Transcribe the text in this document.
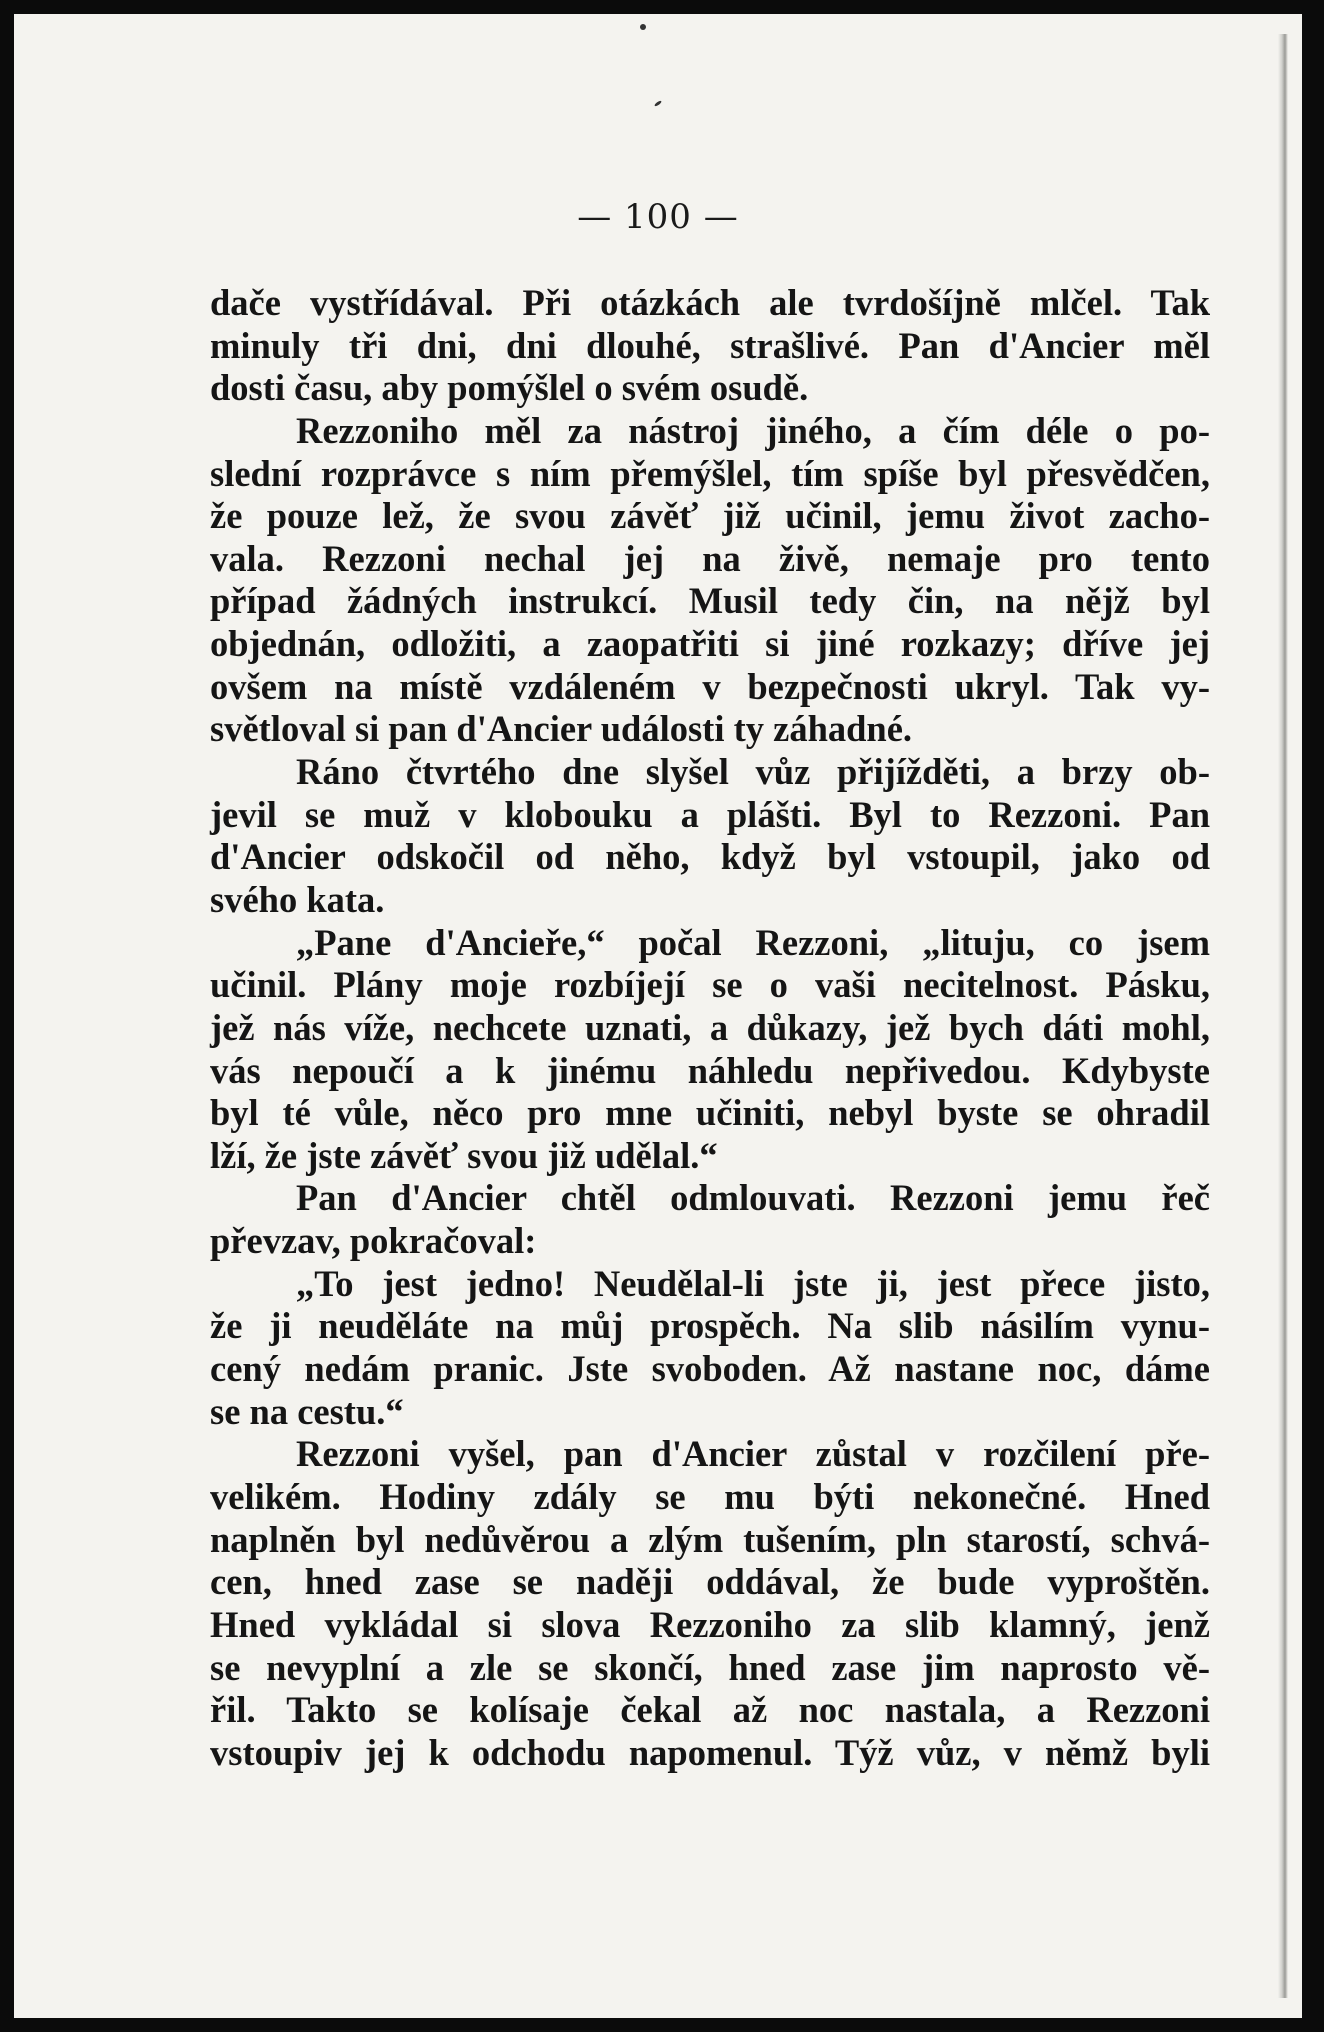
— 100 —
dače vystřídával. Při otázkách ale tvrdošíjně mlčel. Tak
minuly tři dni, dni dlouhé, strašlivé. Pan d'Ancier měl
dosti času, aby pomýšlel o svém osudě.
Rezzoniho měl za nástroj jiného, a čím déle o po-
slední rozprávce s ním přemýšlel, tím spíše byl přesvědčen,
že pouze lež, že svou závěť již učinil, jemu život zacho-
vala. Rezzoni nechal jej na živě, nemaje pro tento
případ žádných instrukcí. Musil tedy čin, na nějž byl
objednán, odložiti, a zaopatřiti si jiné rozkazy; dříve jej
ovšem na místě vzdáleném v bezpečnosti ukryl. Tak vy-
světloval si pan d'Ancier události ty záhadné.
Ráno čtvrtého dne slyšel vůz přijížděti, a brzy ob-
jevil se muž v klobouku a plášti. Byl to Rezzoni. Pan
d'Ancier odskočil od něho, když byl vstoupil, jako od
svého kata.
„Pane d'Ancieře,“ počal Rezzoni, „lituju, co jsem
učinil. Plány moje rozbíjejí se o vaši necitelnost. Pásku,
jež nás víže, nechcete uznati, a důkazy, jež bych dáti mohl,
vás nepoučí a k jinému náhledu nepřivedou. Kdybyste
byl té vůle, něco pro mne učiniti, nebyl byste se ohradil
lží, že jste závěť svou již udělal.“
Pan d'Ancier chtěl odmlouvati. Rezzoni jemu řeč
převzav, pokračoval:
„To jest jedno! Neudělal-li jste ji, jest přece jisto,
že ji neuděláte na můj prospěch. Na slib násilím vynu-
cený nedám pranic. Jste svoboden. Až nastane noc, dáme
se na cestu.“
Rezzoni vyšel, pan d'Ancier zůstal v rozčilení pře-
velikém. Hodiny zdály se mu býti nekonečné. Hned
naplněn byl nedůvěrou a zlým tušením, pln starostí, schvá-
cen, hned zase se naději oddával, že bude vyproštěn.
Hned vykládal si slova Rezzoniho za slib klamný, jenž
se nevyplní a zle se skončí, hned zase jim naprosto vě-
řil. Takto se kolísaje čekal až noc nastala, a Rezzoni
vstoupiv jej k odchodu napomenul. Týž vůz, v němž byli
